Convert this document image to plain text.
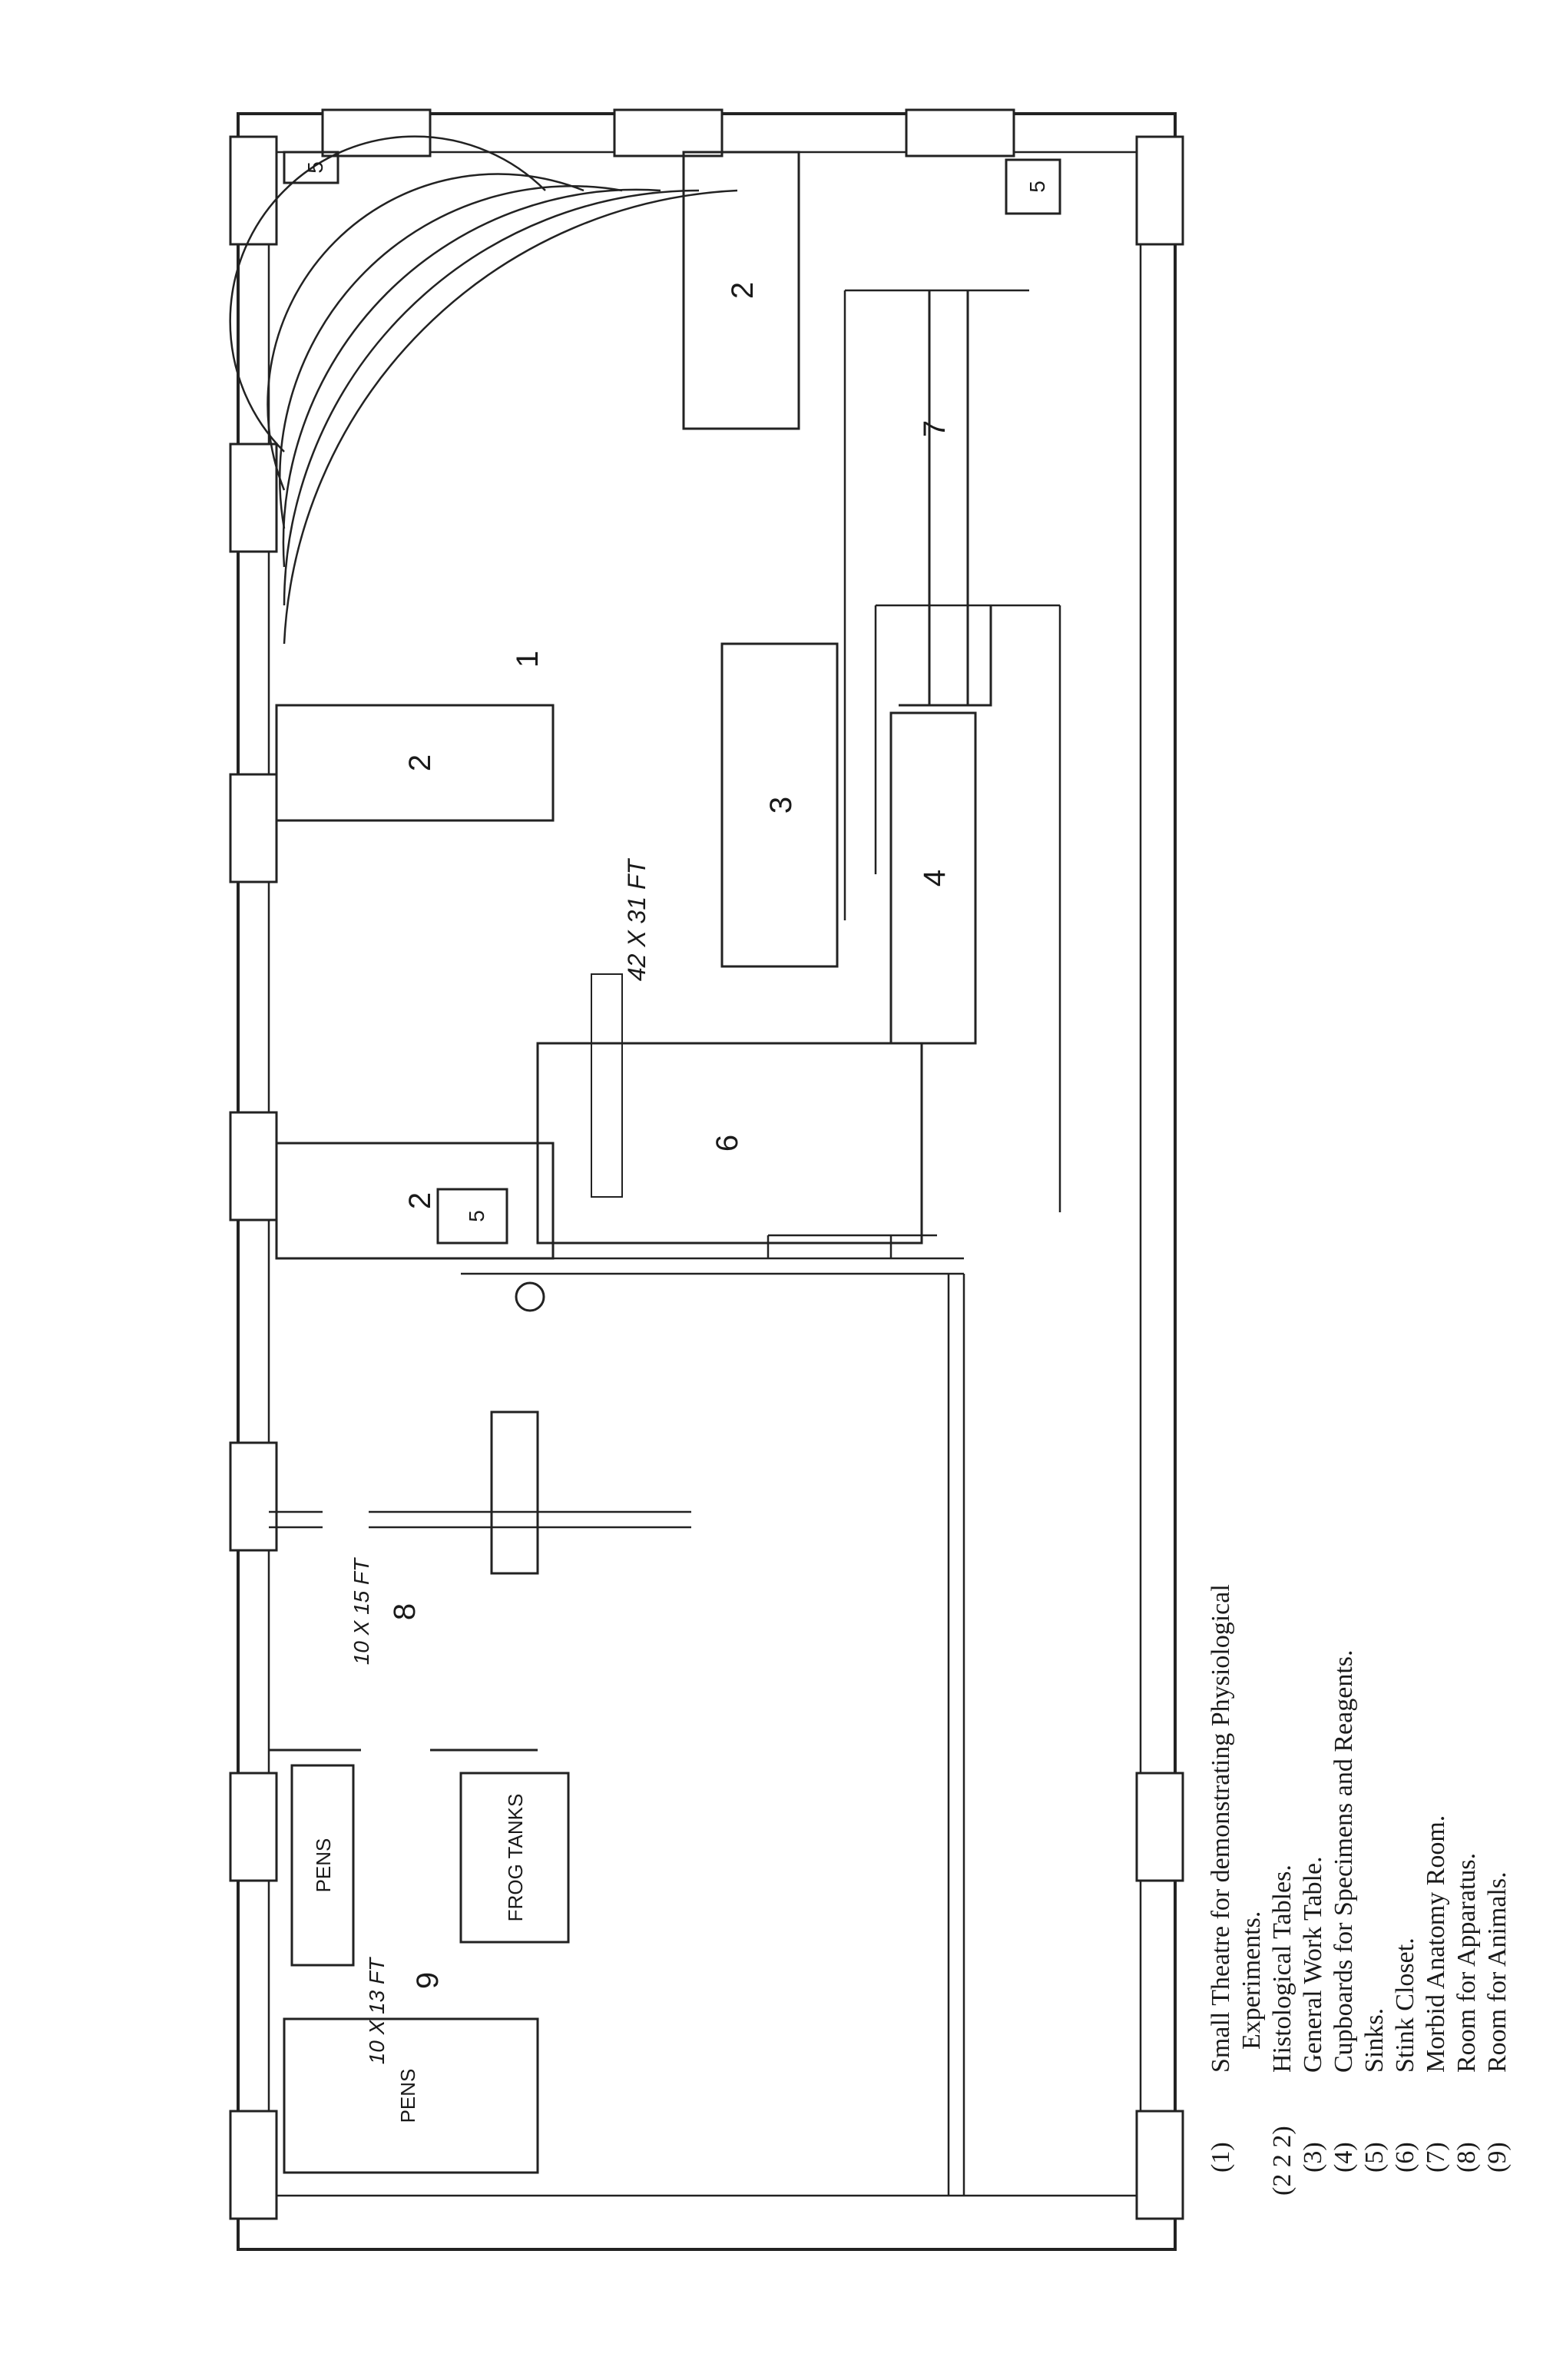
1
2
2
2
3
4
5
5
5
6
7
8
9
42 X 31 FT
10 X 15 FT
10 X 13 FT
PENS
PENS	FROG TANKS
(1)
Small Theatre for demonstrating Physiological Experiments.
(2 2 2)
Histological Tables.
(3)
General Work Table.
(4)
Cupboards for Specimens and Reagents.
(5)
Sinks.
(6)
Stink Closet.
(7)
Morbid Anatomy Room.
(8)
Room for Apparatus.
(9)
Room for Animals.
